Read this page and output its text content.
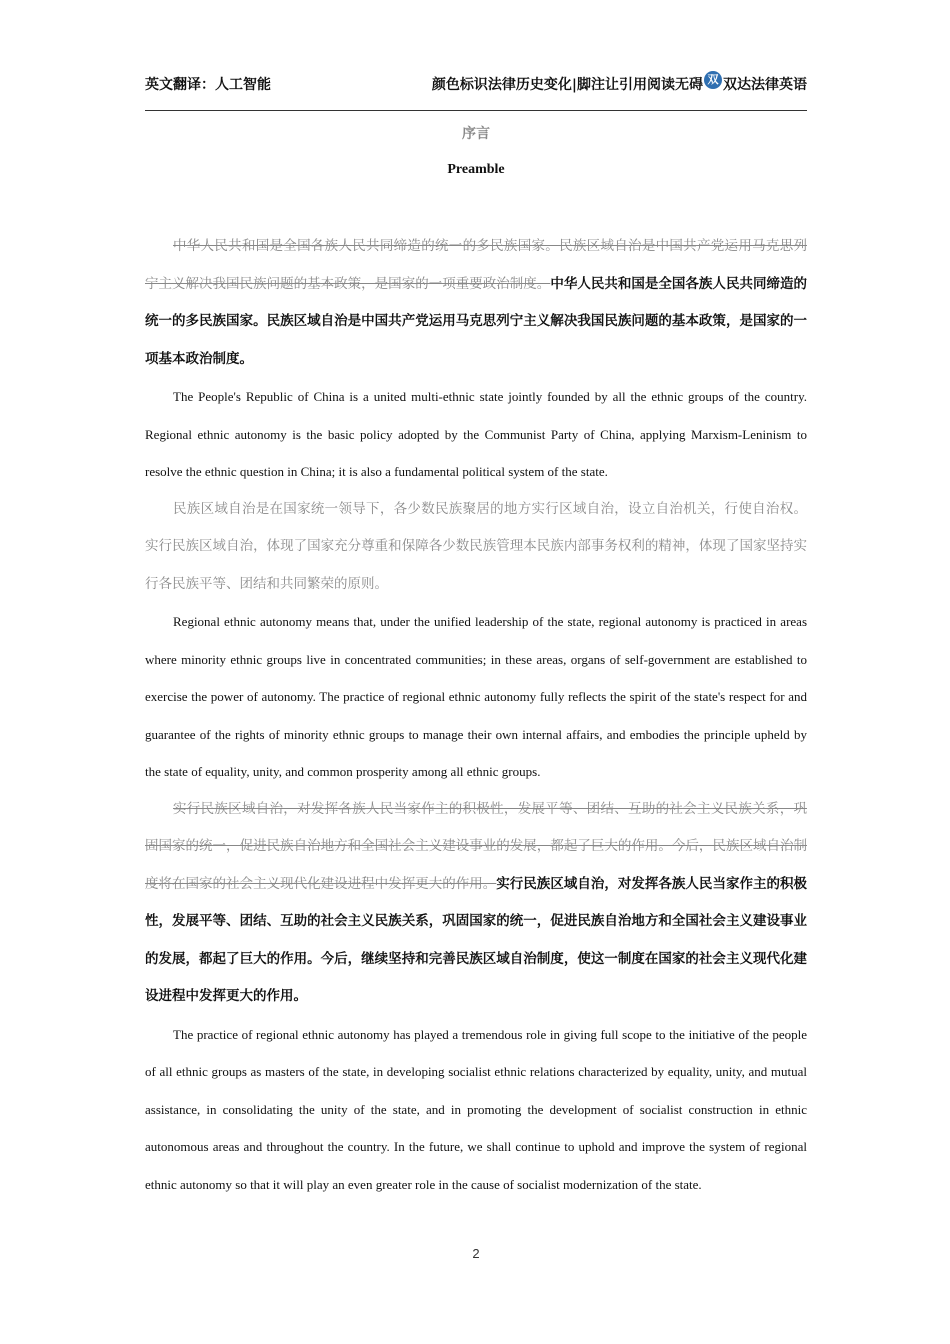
英文翻译：人工智能	颜色标识法律历史变化|脚注让引用阅读无碍 双 双达法律英语
序言
Preamble

中华人民共和国是全国各族人民共同缔造的统一的多民族国家。民族区域自治是中国共产党运用马克思列宁主义解决我国民族问题的基本政策，是国家的一项重要政治制度。中华人民共和国是全国各族人民共同缔造的统一的多民族国家。民族区域自治是中国共产党运用马克思列宁主义解决我国民族问题的基本政策，是国家的一项基本政治制度。

The People's Republic of China is a united multi-ethnic state jointly founded by all the ethnic groups of the country. Regional ethnic autonomy is the basic policy adopted by the Communist Party of China, applying Marxism-Leninism to resolve the ethnic question in China; it is also a fundamental political system of the state.

民族区域自治是在国家统一领导下，各少数民族聚居的地方实行区域自治，设立自治机关，行使自治权。实行民族区域自治，体现了国家充分尊重和保障各少数民族管理本民族内部事务权利的精神，体现了国家坚持实行各民族平等、团结和共同繁荣的原则。

Regional ethnic autonomy means that, under the unified leadership of the state, regional autonomy is practiced in areas where minority ethnic groups live in concentrated communities; in these areas, organs of self-government are established to exercise the power of autonomy. The practice of regional ethnic autonomy fully reflects the spirit of the state's respect for and guarantee of the rights of minority ethnic groups to manage their own internal affairs, and embodies the principle upheld by the state of equality, unity, and common prosperity among all ethnic groups.

实行民族区域自治，对发挥各族人民当家作主的积极性，发展平等、团结、互助的社会主义民族关系，巩固国家的统一，促进民族自治地方和全国社会主义建设事业的发展，都起了巨大的作用。今后，民族区域自治制度将在国家的社会主义现代化建设进程中发挥更大的作用。实行民族区域自治，对发挥各族人民当家作主的积极性，发展平等、团结、互助的社会主义民族关系，巩固国家的统一，促进民族自治地方和全国社会主义建设事业的发展，都起了巨大的作用。今后，继续坚持和完善民族区域自治制度，使这一制度在国家的社会主义现代化建设进程中发挥更大的作用。

The practice of regional ethnic autonomy has played a tremendous role in giving full scope to the initiative of the people of all ethnic groups as masters of the state, in developing socialist ethnic relations characterized by equality, unity, and mutual assistance, in consolidating the unity of the state, and in promoting the development of socialist construction in ethnic autonomous areas and throughout the country. In the future, we shall continue to uphold and improve the system of regional ethnic autonomy so that it will play an even greater role in the cause of socialist modernization of the state.

2
